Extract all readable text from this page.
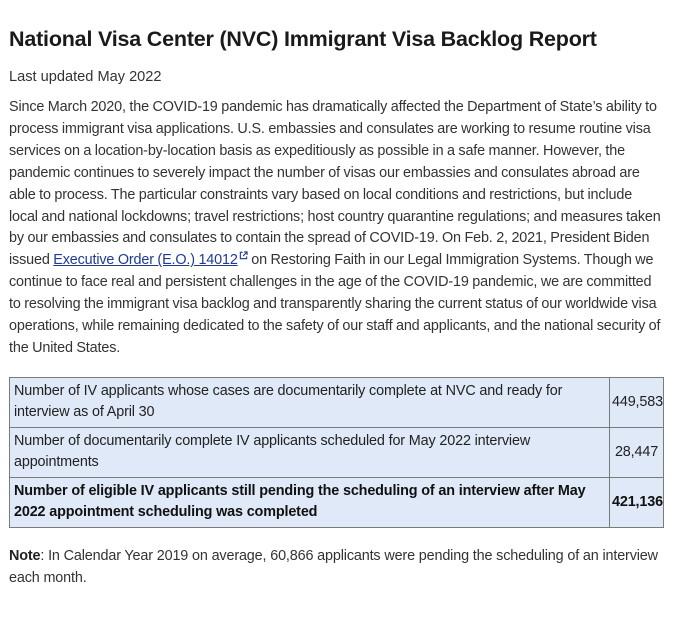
National Visa Center (NVC) Immigrant Visa Backlog Report

Last updated May 2022

Since March 2020, the COVID-19 pandemic has dramatically affected the Department of State’s ability to process immigrant visa applications. U.S. embassies and consulates are working to resume routine visa services on a location-by-location basis as expeditiously as possible in a safe manner. However, the pandemic continues to severely impact the number of visas our embassies and consulates abroad are able to process. The particular constraints vary based on local conditions and restrictions, but include local and national lockdowns; travel restrictions; host country quarantine regulations; and measures taken by our embassies and consulates to contain the spread of COVID-19. On Feb. 2, 2021, President Biden issued Executive Order (E.O.) 14012 on Restoring Faith in our Legal Immigration Systems. Though we continue to face real and persistent challenges in the age of the COVID-19 pandemic, we are committed to resolving the immigrant visa backlog and transparently sharing the current status of our worldwide visa operations, while remaining dedicated to the safety of our staff and applicants, and the national security of the United States.

Number of IV applicants whose cases are documentarily complete at NVC and ready for interview as of April 30	449,583
Number of documentarily complete IV applicants scheduled for May 2022 interview appointments	28,447
Number of eligible IV applicants still pending the scheduling of an interview after May 2022 appointment scheduling was completed	421,136

Note: In Calendar Year 2019 on average, 60,866 applicants were pending the scheduling of an interview each month.
